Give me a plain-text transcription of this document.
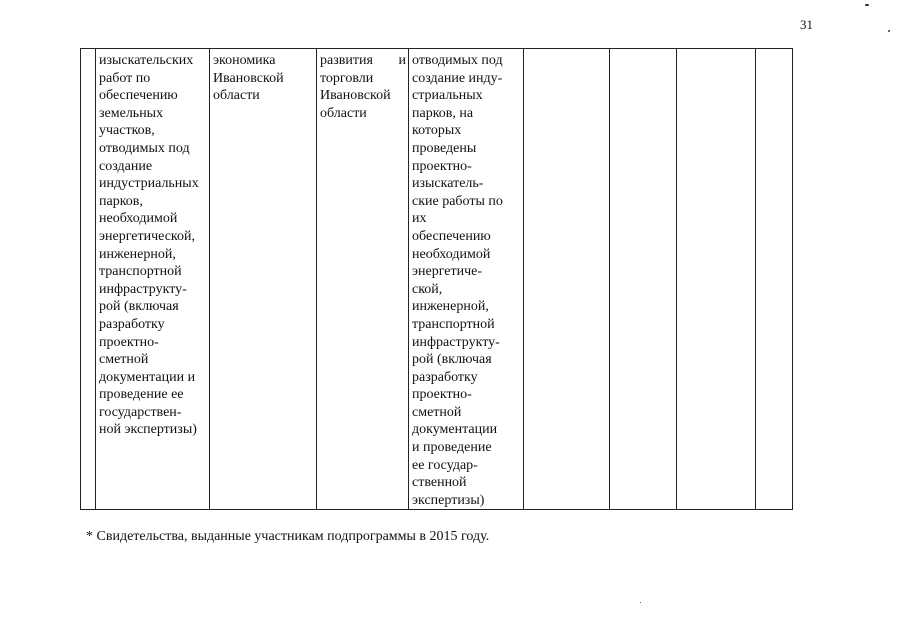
31

изыскательских
работ по
обеспечению
земельных
участков,
отводимых под
создание
индустриальных
парков,
необходимой
энергетической,
инженерной,
транспортной
инфраструкту-
рой (включая
разработку
проектно-
сметной
документации и
проведение ее
государствен-
ной экспертизы)

экономика
Ивановской
области

развития и
торговли
Ивановской
области

отводимых под
создание инду-
стриальных
парков, на
которых
проведены
проектно-
изыскатель-
ские работы по
их
обеспечению
необходимой
энергетиче-
ской,
инженерной,
транспортной
инфраструкту-
рой (включая
разработку
проектно-
сметной
документации
и проведение
ее государ-
ственной
экспертизы)

* Свидетельства, выданные участникам подпрограммы в 2015 году.
